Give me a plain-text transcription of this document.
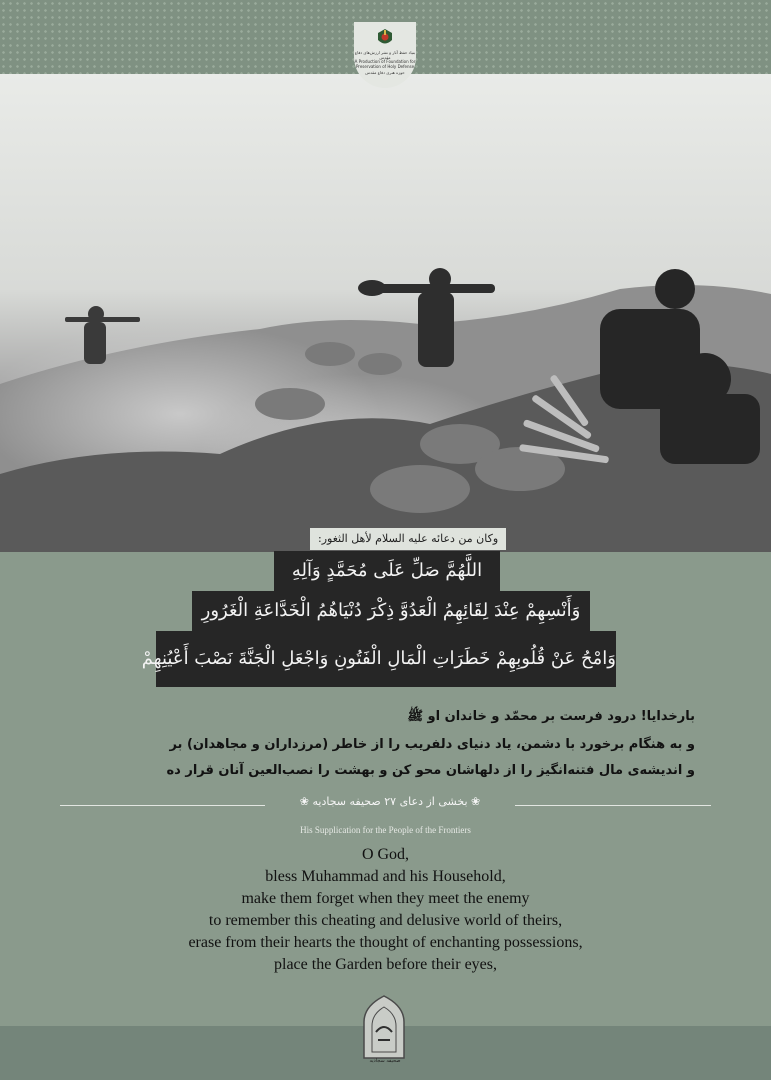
بنیاد حفظ آثار و نشر ارزش‌های دفاع مقدس
A Production of Foundation for Preservation of Holy Defense
حوزه هنری دفاع مقدس
وكان من دعائه عليه السلام لأهل الثغور:
اللَّهُمَّ صَلِّ عَلَى مُحَمَّدٍ وَآلِهِ
وَأَنْسِهِمْ عِنْدَ لِقَائِهِمُ الْعَدُوَّ ذِكْرَ دُنْيَاهُمُ الْخَدَّاعَةِ الْغَرُورِ
وَامْحُ عَنْ قُلُوبِهِمْ خَطَرَاتِ الْمَالِ الْفَتُونِ وَاجْعَلِ الْجَنَّةَ نَصْبَ أَعْيُنِهِمْ
بارخدایا! درود فرست بر محمّد و خاندان او ﷺ
و به هنگام برخورد با دشمن، یاد دنیای دلفریب را از خاطر (مرزداران و مجاهدان) بر
و اندیشه‌ی مال فتنه‌انگیز را از دلهاشان محو کن و بهشت را نصب‌العین آنان قرار ده
❀ بخشی از دعای ۲۷ صحیفه سجادیه ❀
His Supplication for the People of the Frontiers
O God,
bless Muhammad and his Household,
make them forget when they meet the enemy
to remember this cheating and delusive world of theirs,
erase from their hearts the thought of enchanting possessions,
place the Garden before their eyes,
صحیفه سجادیه
